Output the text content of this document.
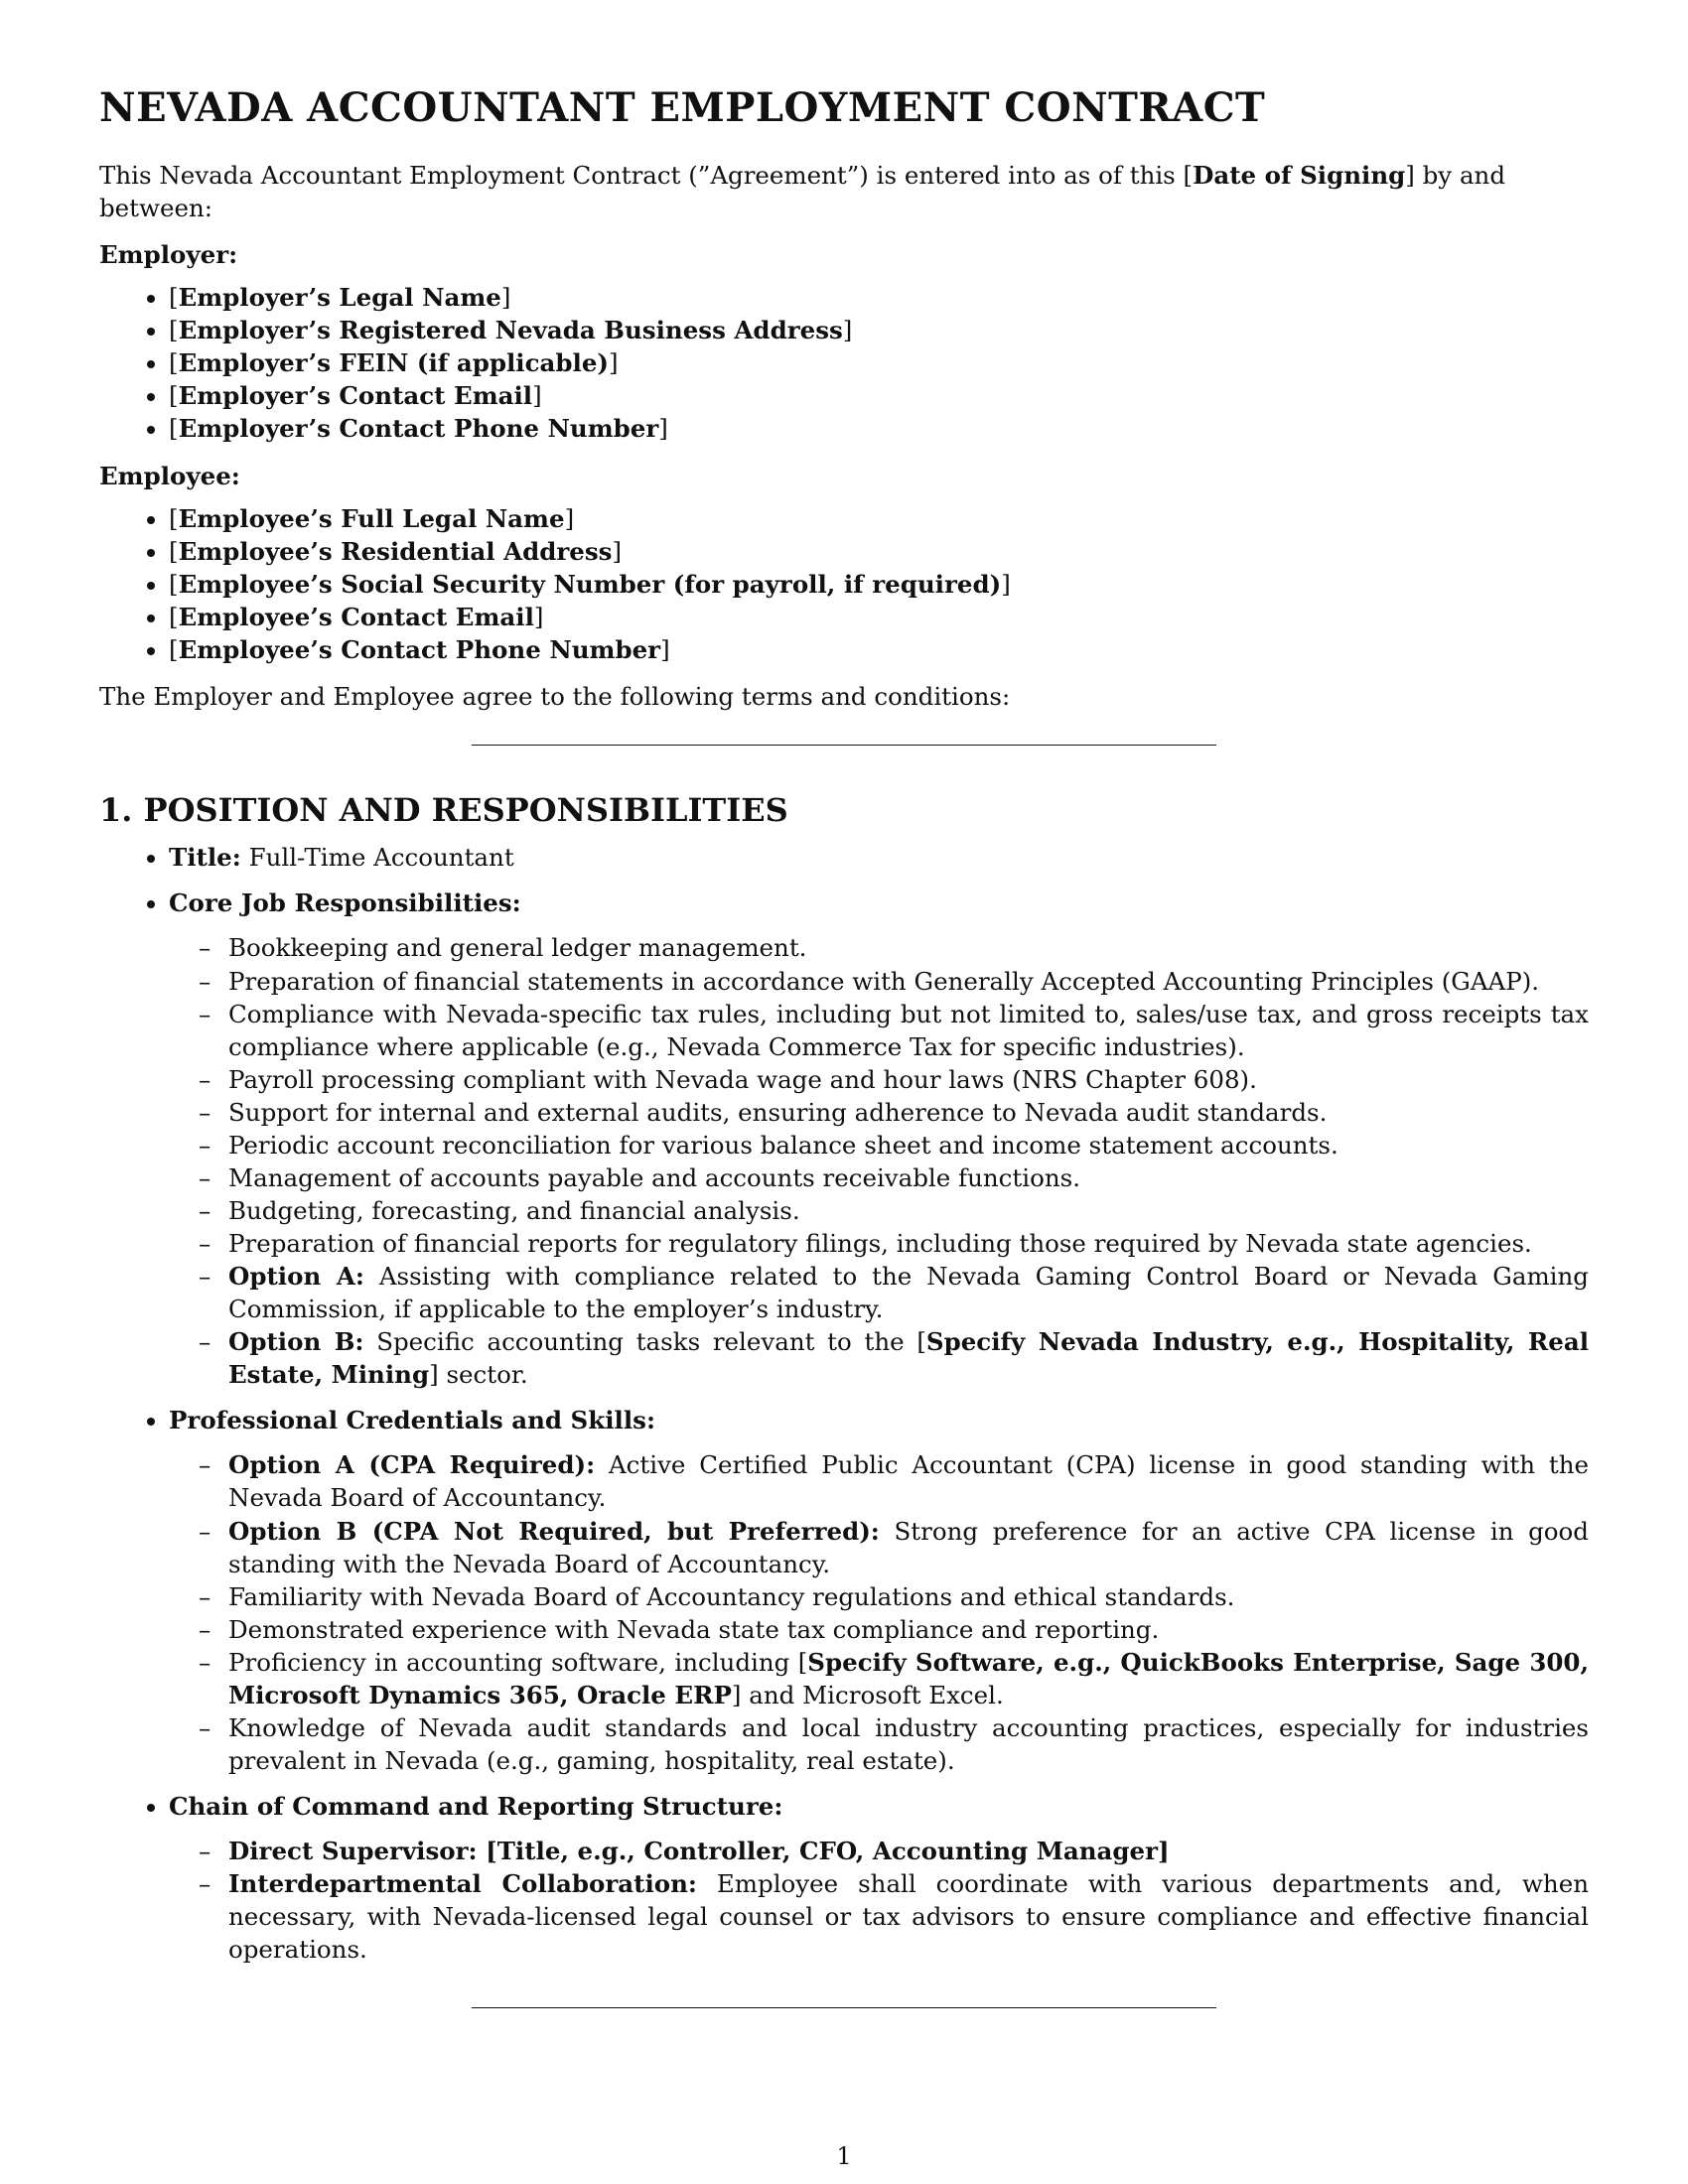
NEVADA ACCOUNTANT EMPLOYMENT CONTRACT

This Nevada Accountant Employment Contract (”Agreement”) is entered into as of this [Date of Signing] by and between:

Employer:

• [Employer’s Legal Name]
• [Employer’s Registered Nevada Business Address]
• [Employer’s FEIN (if applicable)]
• [Employer’s Contact Email]
• [Employer’s Contact Phone Number]

Employee:

• [Employee’s Full Legal Name]
• [Employee’s Residential Address]
• [Employee’s Social Security Number (for payroll, if required)]
• [Employee’s Contact Email]
• [Employee’s Contact Phone Number]

The Employer and Employee agree to the following terms and conditions:

1. POSITION AND RESPONSIBILITIES
• Title: Full-Time Accountant
• Core Job Responsibilities:
– Bookkeeping and general ledger management.
– Preparation of financial statements in accordance with Generally Accepted Accounting Principles (GAAP).
– Compliance with Nevada-specific tax rules, including but not limited to, sales/use tax, and gross receipts tax compliance where applicable (e.g., Nevada Commerce Tax for specific industries).
– Payroll processing compliant with Nevada wage and hour laws (NRS Chapter 608).
– Support for internal and external audits, ensuring adherence to Nevada audit standards.
– Periodic account reconciliation for various balance sheet and income statement accounts.
– Management of accounts payable and accounts receivable functions.
– Budgeting, forecasting, and financial analysis.
– Preparation of financial reports for regulatory filings, including those required by Nevada state agencies.
– Option A: Assisting with compliance related to the Nevada Gaming Control Board or Nevada Gaming Commission, if applicable to the employer’s industry.
– Option B: Specific accounting tasks relevant to the [Specify Nevada Industry, e.g., Hospitality, Real Estate, Mining] sector.
• Professional Credentials and Skills:
– Option A (CPA Required): Active Certified Public Accountant (CPA) license in good standing with the Nevada Board of Accountancy.
– Option B (CPA Not Required, but Preferred): Strong preference for an active CPA license in good standing with the Nevada Board of Accountancy.
– Familiarity with Nevada Board of Accountancy regulations and ethical standards.
– Demonstrated experience with Nevada state tax compliance and reporting.
– Proficiency in accounting software, including [Specify Software, e.g., QuickBooks Enterprise, Sage 300, Microsoft Dynamics 365, Oracle ERP] and Microsoft Excel.
– Knowledge of Nevada audit standards and local industry accounting practices, especially for industries prevalent in Nevada (e.g., gaming, hospitality, real estate).
• Chain of Command and Reporting Structure:
– Direct Supervisor: [Title, e.g., Controller, CFO, Accounting Manager]
– Interdepartmental Collaboration: Employee shall coordinate with various departments and, when necessary, with Nevada-licensed legal counsel or tax advisors to ensure compliance and effective financial operations.
1
